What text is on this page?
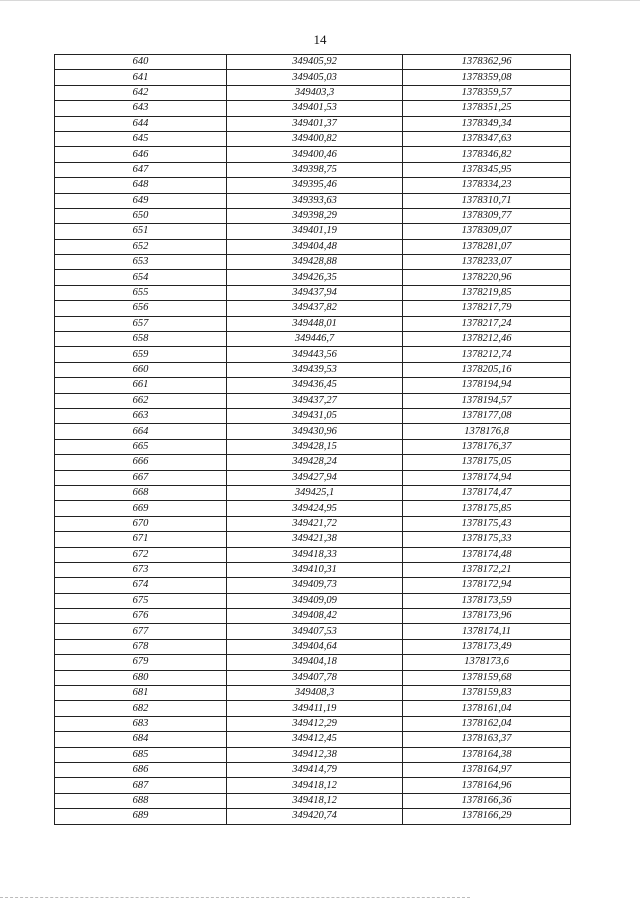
14
640	349405,92	1378362,96
641	349405,03	1378359,08
642	349403,3	1378359,57
643	349401,53	1378351,25
644	349401,37	1378349,34
645	349400,82	1378347,63
646	349400,46	1378346,82
647	349398,75	1378345,95
648	349395,46	1378334,23
649	349393,63	1378310,71
650	349398,29	1378309,77
651	349401,19	1378309,07
652	349404,48	1378281,07
653	349428,88	1378233,07
654	349426,35	1378220,96
655	349437,94	1378219,85
656	349437,82	1378217,79
657	349448,01	1378217,24
658	349446,7	1378212,46
659	349443,56	1378212,74
660	349439,53	1378205,16
661	349436,45	1378194,94
662	349437,27	1378194,57
663	349431,05	1378177,08
664	349430,96	1378176,8
665	349428,15	1378176,37
666	349428,24	1378175,05
667	349427,94	1378174,94
668	349425,1	1378174,47
669	349424,95	1378175,85
670	349421,72	1378175,43
671	349421,38	1378175,33
672	349418,33	1378174,48
673	349410,31	1378172,21
674	349409,73	1378172,94
675	349409,09	1378173,59
676	349408,42	1378173,96
677	349407,53	1378174,11
678	349404,64	1378173,49
679	349404,18	1378173,6
680	349407,78	1378159,68
681	349408,3	1378159,83
682	349411,19	1378161,04
683	349412,29	1378162,04
684	349412,45	1378163,37
685	349412,38	1378164,38
686	349414,79	1378164,97
687	349418,12	1378164,96
688	349418,12	1378166,36
689	349420,74	1378166,29
